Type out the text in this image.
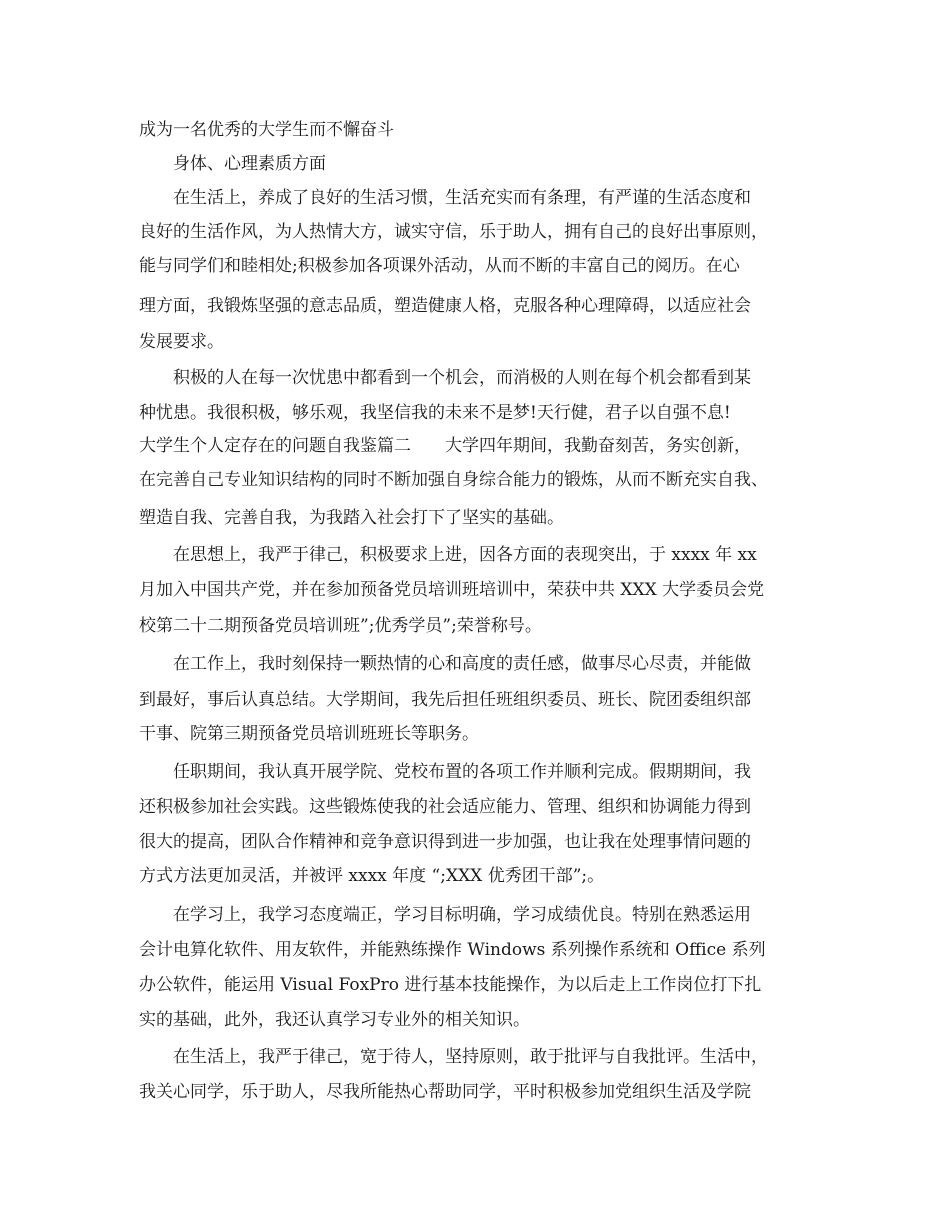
成为一名优秀的大学生而不懈奋斗
身体、心理素质方面
在生活上，养成了良好的生活习惯，生活充实而有条理，有严谨的生活态度和
良好的生活作风，为人热情大方，诚实守信，乐于助人，拥有自己的良好出事原则，
能与同学们和睦相处;积极参加各项课外活动，从而不断的丰富自己的阅历。在心
理方面，我锻炼坚强的意志品质，塑造健康人格，克服各种心理障碍，以适应社会
发展要求。
积极的人在每一次忧患中都看到一个机会，而消极的人则在每个机会都看到某
种忧患。我很积极，够乐观，我坚信我的未来不是梦!天行健，君子以自强不息!
大学生个人定存在的问题自我鉴篇二　　大学四年期间，我勤奋刻苦，务实创新，
在完善自己专业知识结构的同时不断加强自身综合能力的锻炼，从而不断充实自我、
塑造自我、完善自我，为我踏入社会打下了坚实的基础。
在思想上，我严于律己，积极要求上进，因各方面的表现突出，于 xxxx 年 xx
月加入中国共产党，并在参加预备党员培训班培训中，荣获中共 XXX 大学委员会党
校第二十二期预备党员培训班”;优秀学员”;荣誉称号。
在工作上，我时刻保持一颗热情的心和高度的责任感，做事尽心尽责，并能做
到最好，事后认真总结。大学期间，我先后担任班组织委员、班长、院团委组织部
干事、院第三期预备党员培训班班长等职务。
任职期间，我认真开展学院、党校布置的各项工作并顺利完成。假期期间，我
还积极参加社会实践。这些锻炼使我的社会适应能力、管理、组织和协调能力得到
很大的提高，团队合作精神和竞争意识得到进一步加强，也让我在处理事情问题的
方式方法更加灵活，并被评 xxxx 年度 “;XXX 优秀团干部”;。
在学习上，我学习态度端正，学习目标明确，学习成绩优良。特别在熟悉运用
会计电算化软件、用友软件，并能熟练操作 Windows 系列操作系统和 Office 系列
办公软件，能运用 Visual FoxPro 进行基本技能操作，为以后走上工作岗位打下扎
实的基础，此外，我还认真学习专业外的相关知识。
在生活上，我严于律己，宽于待人，坚持原则，敢于批评与自我批评。生活中，
我关心同学，乐于助人，尽我所能热心帮助同学，平时积极参加党组织生活及学院
